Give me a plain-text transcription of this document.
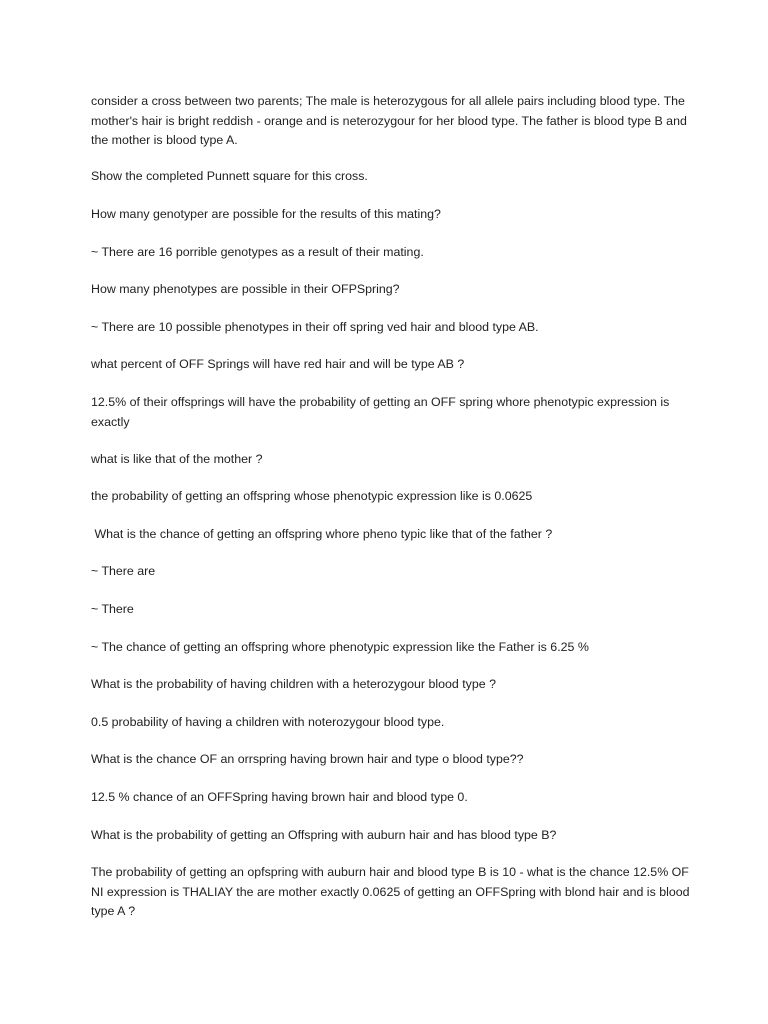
consider a cross between two parents; The male is heterozygous for all allele pairs including blood type. The mother's hair is bright reddish - orange and is neterozygour for her blood type. The father is blood type B and the mother is blood type A.

Show the completed Punnett square for this cross.

How many genotyper are possible for the results of this mating?

~ There are 16 porrible genotypes as a result of their mating.

How many phenotypes are possible in their OFPSpring?

~ There are 10 possible phenotypes in their off spring ved hair and blood type AB.

what percent of OFF Springs will have red hair and will be type AB ?

12.5% of their offsprings will have the probability of getting an OFF spring whore phenotypic expression is exactly

what is like that of the mother ?

the probability of getting an offspring whose phenotypic expression like is 0.0625

What is the chance of getting an offspring whore pheno typic like that of the father ?

~ There are

~ There

~ The chance of getting an offspring whore phenotypic expression like the Father is 6.25 %

What is the probability of having children with a heterozygour blood type ?

0.5 probability of having a children with noterozygour blood type.

What is the chance OF an orrspring having brown hair and type o blood type??

12.5 % chance of an OFFSpring having brown hair and blood type 0.

What is the probability of getting an Offspring with auburn hair and has blood type B?

The probability of getting an opfspring with auburn hair and blood type B is 10 - what is the chance 12.5% OF NI expression is THALIAY the are mother exactly 0.0625 of getting an OFFSpring with blond hair and is blood type A ?
